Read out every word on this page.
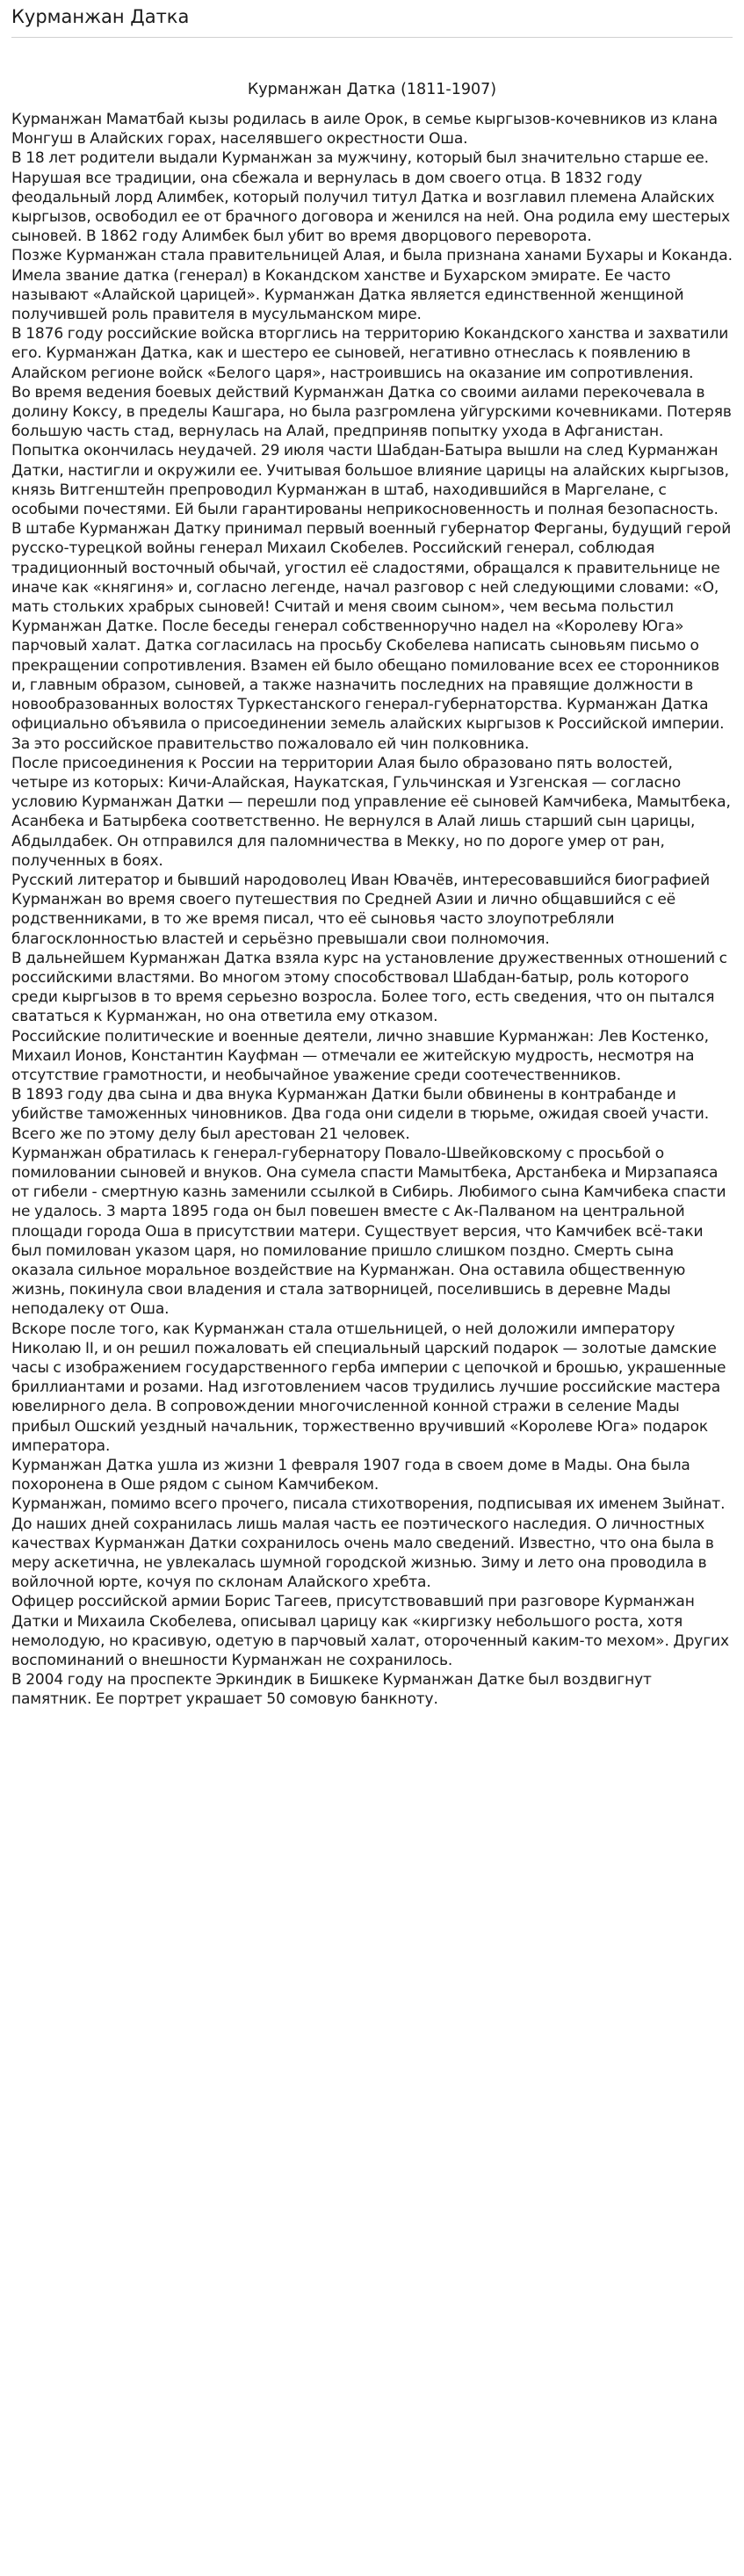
Курманжан Датка
Курманжан Датка (1811-1907)

Курманжан Маматбай кызы родилась в аиле Орок, в семье кыргызов-кочевников из клана Монгуш в Алайских горах, населявшего окрестности Оша.

В 18 лет родители выдали Курманжан за мужчину, который был значительно старше ее. Нарушая все традиции, она сбежала и вернулась в дом своего отца. В 1832 году феодальный лорд Алимбек, который получил титул Датка и возглавил племена Алайских кыргызов, освободил ее от брачного договора и женился на ней. Она родила ему шестерых сыновей. В 1862 году Алимбек был убит во время дворцового переворота.

Позже Курманжан стала правительницей Алая, и была признана ханами Бухары и Коканда. Имела звание датка (генерал) в Кокандском ханстве и Бухарском эмирате. Ее часто называют «Алайской царицей». Курманжан Датка является единственной женщиной получившей роль правителя в мусульманском мире.

В 1876 году российские войска вторглись на территорию Кокандского ханства и захватили его. Курманжан Датка, как и шестеро ее сыновей, негативно отнеслась к появлению в Алайском регионе войск «Белого царя», настроившись на оказание им сопротивления.

Во время ведения боевых действий Курманжан Датка со своими аилами перекочевала в долину Коксу, в пределы Кашгара, но была разгромлена уйгурскими кочевниками. Потеряв большую часть стад, вернулась на Алай, предприняв попытку ухода в Афганистан. Попытка окончилась неудачей. 29 июля части Шабдан-Батыра вышли на след Курманжан Датки, настигли и окружили ее. Учитывая большое влияние царицы на алайских кыргызов, князь Витгенштейн препроводил Курманжан в штаб, находившийся в Маргелане, с особыми почестями. Ей были гарантированы неприкосновенность и полная безопасность.

В штабе Курманжан Датку принимал первый военный губернатор Ферганы, будущий герой русско-турецкой войны генерал Михаил Скобелев. Российский генерал, соблюдая традиционный восточный обычай, угостил её сладостями, обращался к правительнице не иначе как «княгиня» и, согласно легенде, начал разговор с ней следующими словами: «О, мать стольких храбрых сыновей! Считай и меня своим сыном», чем весьма польстил Курманжан Датке. После беседы генерал собственноручно надел на «Королеву Юга» парчовый халат. Датка согласилась на просьбу Скобелева написать сыновьям письмо о прекращении сопротивления. Взамен ей было обещано помилование всех ее сторонников и, главным образом, сыновей, а также назначить последних на правящие должности в новообразованных волостях Туркестанского генерал-губернаторства. Курманжан Датка официально объявила о присоединении земель алайских кыргызов к Российской империи. За это российское правительство пожаловало ей чин полковника.

После присоединения к России на территории Алая было образовано пять волостей, четыре из которых: Кичи-Алайская, Наукатская, Гульчинская и Узгенская — согласно условию Курманжан Датки — перешли под управление её сыновей Камчибека, Мамытбека, Асанбека и Батырбека соответственно. Не вернулся в Алай лишь старший сын царицы, Абдылдабек. Он отправился для паломничества в Мекку, но по дороге умер от ран, полученных в боях.

Русский литератор и бывший народоволец Иван Ювачёв, интересовавшийся биографией Курманжан во время своего путешествия по Средней Азии и лично общавшийся с её родственниками, в то же время писал, что её сыновья часто злоупотребляли благосклонностью властей и серьёзно превышали свои полномочия.

В дальнейшем Курманжан Датка взяла курс на установление дружественных отношений с российскими властями. Во многом этому способствовал Шабдан-батыр, роль которого среди кыргызов в то время серьезно возросла. Более того, есть сведения, что он пытался свататься к Курманжан, но она ответила ему отказом.

Российские политические и военные деятели, лично знавшие Курманжан: Лев Костенко, Михаил Ионов, Константин Кауфман — отмечали ее житейскую мудрость, несмотря на отсутствие грамотности, и необычайное уважение среди соотечественников.

В 1893 году два сына и два внука Курманжан Датки были обвинены в контрабанде и убийстве таможенных чиновников. Два года они сидели в тюрьме, ожидая своей участи. Всего же по этому делу был арестован 21 человек.

Курманжан обратилась к генерал-губернатору Повало-Швейковскому с просьбой о помиловании сыновей и внуков. Она сумела спасти Мамытбека, Арстанбека и Мирзапаяса от гибели - смертную казнь заменили ссылкой в Сибирь. Любимого сына Камчибека спасти не удалось. 3 марта 1895 года он был повешен вместе с Ак-Палваном на центральной площади города Оша в присутствии матери. Существует версия, что Камчибек всё-таки был помилован указом царя, но помилование пришло слишком поздно. Смерть сына оказала сильное моральное воздействие на Курманжан. Она оставила общественную жизнь, покинула свои владения и стала затворницей, поселившись в деревне Мады неподалеку от Оша.

Вскоре после того, как Курманжан стала отшельницей, о ней доложили императору Николаю II, и он решил пожаловать ей специальный царский подарок — золотые дамские часы с изображением государственного герба империи с цепочкой и брошью, украшенные бриллиантами и розами. Над изготовлением часов трудились лучшие российские мастера ювелирного дела. В сопровождении многочисленной конной стражи в селение Мады прибыл Ошский уездный начальник, торжественно вручивший «Королеве Юга» подарок императора.

Курманжан Датка ушла из жизни 1 февраля 1907 года в своем доме в Мады. Она была похоронена в Оше рядом с сыном Камчибеком.

Курманжан, помимо всего прочего, писала стихотворения, подписывая их именем Зыйнат. До наших дней сохранилась лишь малая часть ее поэтического наследия. О личностных качествах Курманжан Датки сохранилось очень мало сведений. Известно, что она была в меру аскетична, не увлекалась шумной городской жизнью. Зиму и лето она проводила в войлочной юрте, кочуя по склонам Алайского хребта.

Офицер российской армии Борис Тагеев, присутствовавший при разговоре Курманжан Датки и Михаила Скобелева, описывал царицу как «киргизку небольшого роста, хотя немолодую, но красивую, одетую в парчовый халат, отороченный каким-то мехом». Других воспоминаний о внешности Курманжан не сохранилось.

В 2004 году на проспекте Эркиндик в Бишкеке Курманжан Датке был воздвигнут памятник. Ее портрет украшает 50 сомовую банкноту.
